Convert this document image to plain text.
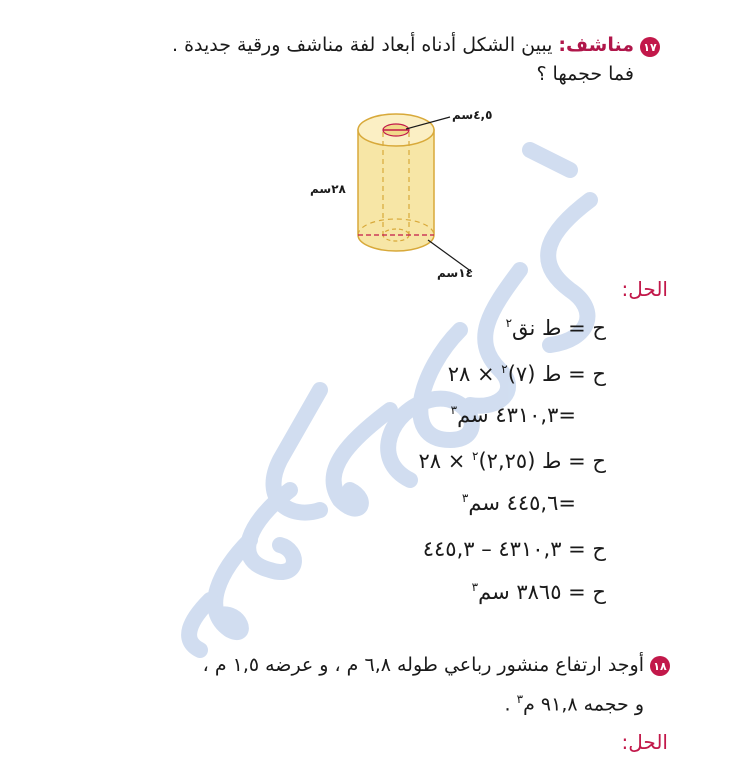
١٧
مناشف: يبين الشكل أدناه أبعاد لفة مناشف ورقية جديدة .
فما حجمها ؟
٤,٥سم
٢٨سم
١٤سم
الحل:
ح = ط نق$^٢$
ح = ط (٧)$^٢$ × ٢٨
=٤٣١٠,٣ سم$^٣$
ح = ط (٢,٢٥)$^٢$ × ٢٨
=٤٤٥,٦ سم$^٣$
ح = ٤٣١٠,٣ – ٤٤٥,٣
ح = ٣٨٦٥ سم$^٣$
١٨
أوجد ارتفاع منشور رباعي طوله ٦,٨ م ، و عرضه ١,٥ م ،
و حجمه ٩١,٨ م$^٣$ .
الحل:
